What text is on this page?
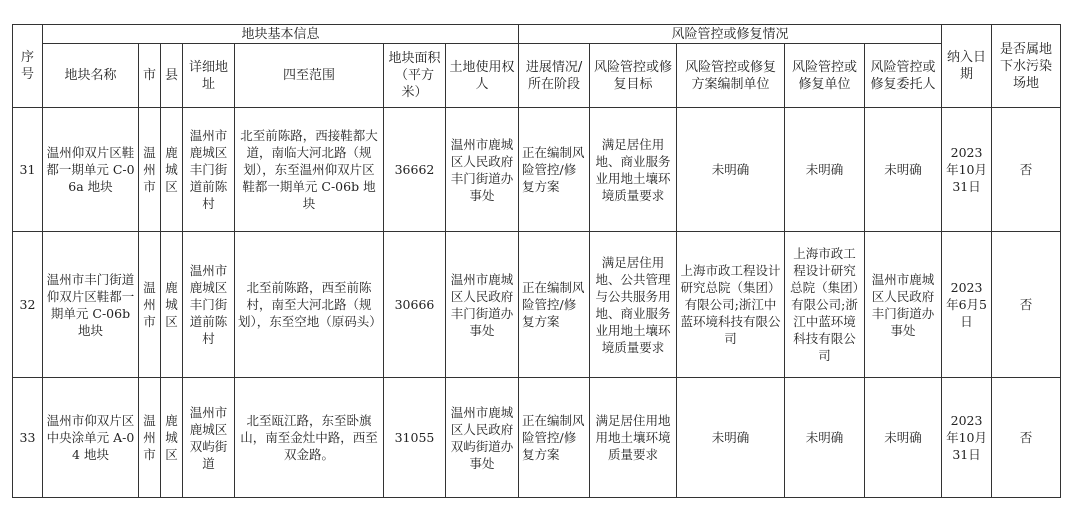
序号	地块基本信息							风险管控或修复情况					纳入日期	是否属地下水污染场地
	地块名称	市	县	详细地址	四至范围	地块面积（平方米）	土地使用权人	进展情况/所在阶段	风险管控或修复目标	风险管控或修复方案编制单位	风险管控或修复单位	风险管控或修复委托人		
31	温州仰双片区鞋都一期单元 C-06a 地块	温州市	鹿城区	温州市鹿城区丰门街道前陈村	北至前陈路，西接鞋都大道，南临大河北路（规划），东至温州仰双片区鞋都一期单元 C-06b 地块	36662	温州市鹿城区人民政府丰门街道办事处	正在编制风险管控/修复方案	满足居住用地、商业服务业用地土壤环境质量要求	未明确	未明确	未明确	2023年10月31日	否
32	温州市丰门街道仰双片区鞋都一期单元 C-06b 地块	温州市	鹿城区	温州市鹿城区丰门街道前陈村	北至前陈路，西至前陈村，南至大河北路（规划），东至空地（原码头）	30666	温州市鹿城区人民政府丰门街道办事处	正在编制风险管控/修复方案	满足居住用地、公共管理与公共服务用地、商业服务业用地土壤环境质量要求	上海市政工程设计研究总院（集团）有限公司;浙江中蓝环境科技有限公司	上海市政工程设计研究总院（集团）有限公司;浙江中蓝环境科技有限公司	温州市鹿城区人民政府丰门街道办事处	2023年6月5日	否
33	温州市仰双片区中央涂单元 A-04 地块	温州市	鹿城区	温州市鹿城区双屿街道	北至瓯江路，东至卧旗山，南至金灶中路，西至双金路。	31055	温州市鹿城区人民政府双屿街道办事处	正在编制风险管控/修复方案	满足居住用地用地土壤环境质量要求	未明确	未明确	未明确	2023年10月31日	否
